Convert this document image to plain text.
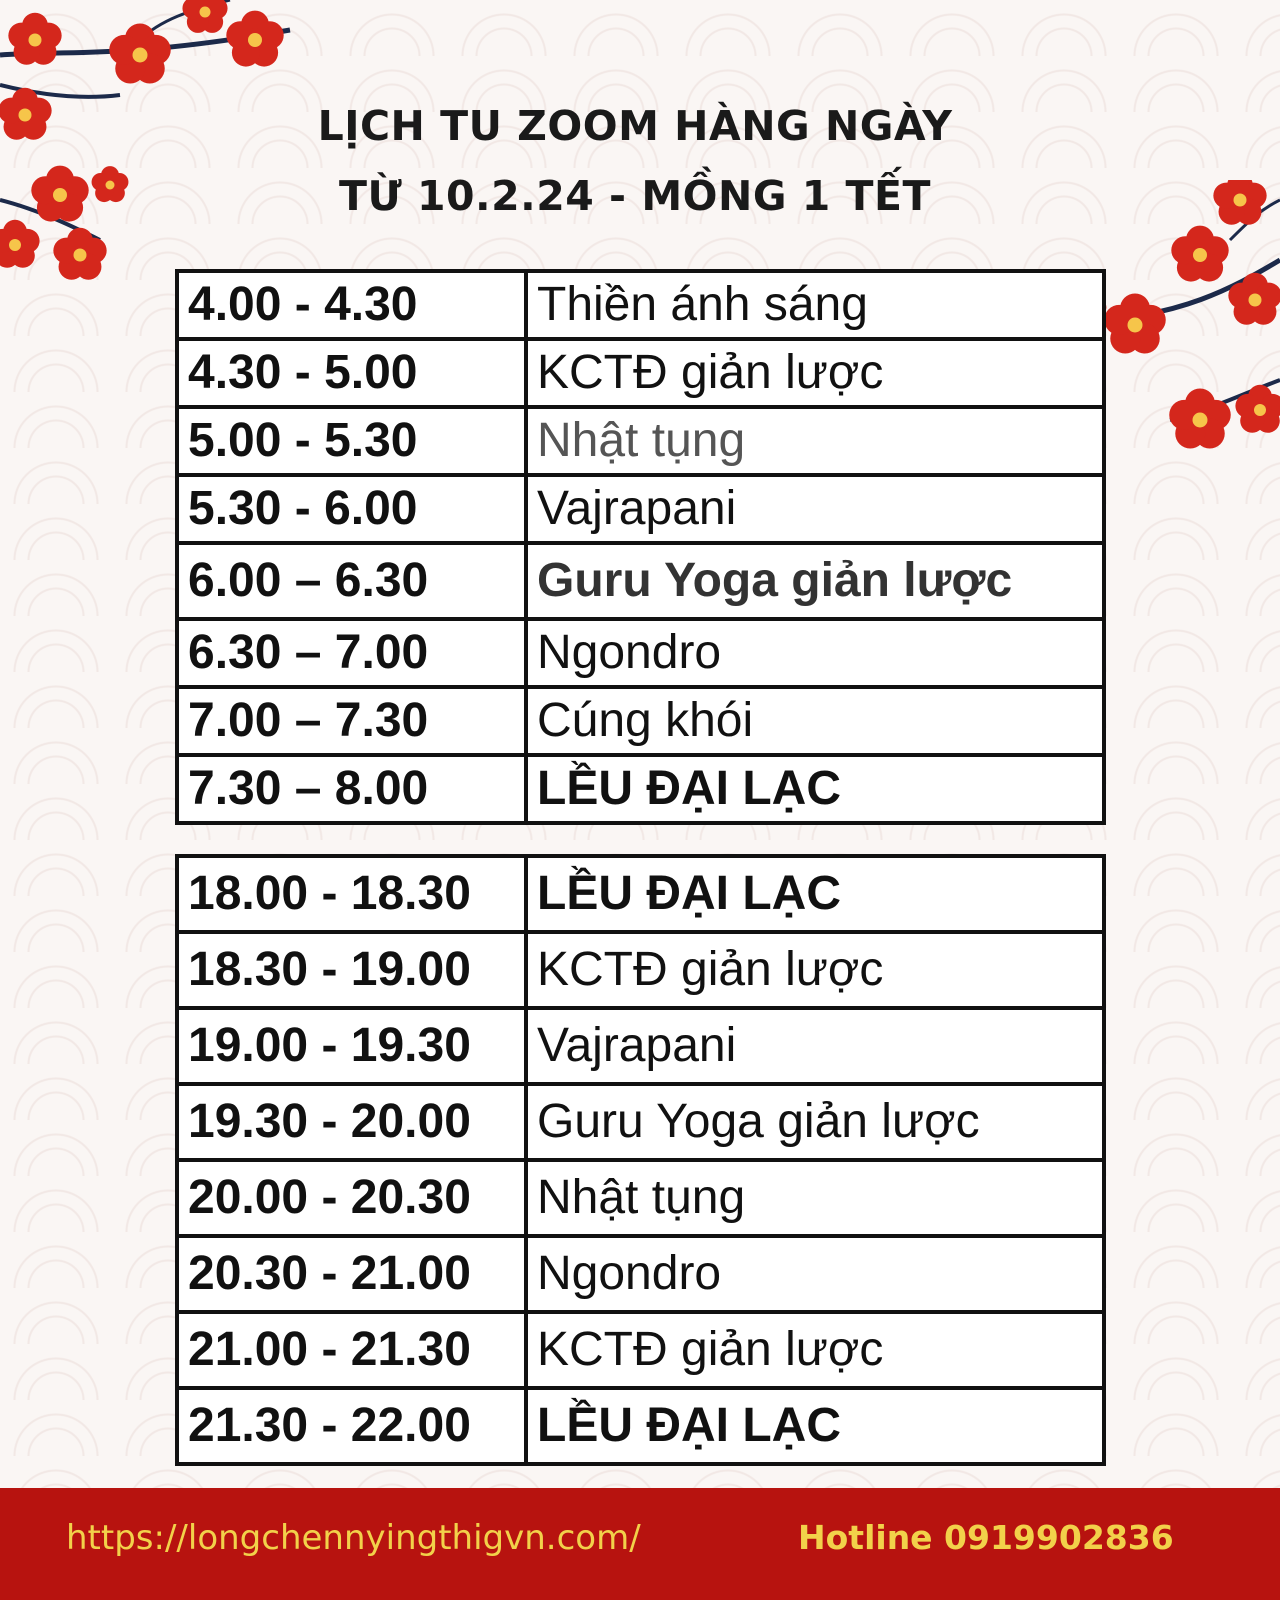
LỊCH TU ZOOM HÀNG NGÀY
TỪ 10.2.24 - MỒNG 1 TẾT
4.00 - 4.30	Thiền ánh sáng
4.30 - 5.00	KCTĐ giản lược
5.00 - 5.30	Nhật tụng
5.30 - 6.00	Vajrapani
6.00 – 6.30	Guru Yoga giản lược
6.30 – 7.00	Ngondro
7.00 – 7.30	Cúng khói
7.30 – 8.00	LỀU ĐẠI LẠC
18.00 - 18.30	LỀU ĐẠI LẠC
18.30 - 19.00	KCTĐ giản lược
19.00 - 19.30	Vajrapani
19.30 - 20.00	Guru Yoga giản lược
20.00 - 20.30	Nhật tụng
20.30 - 21.00	Ngondro
21.00 - 21.30	KCTĐ giản lược
21.30 - 22.00	LỀU ĐẠI LẠC
https://longchennyingthigvn.com/	Hotline 0919902836
